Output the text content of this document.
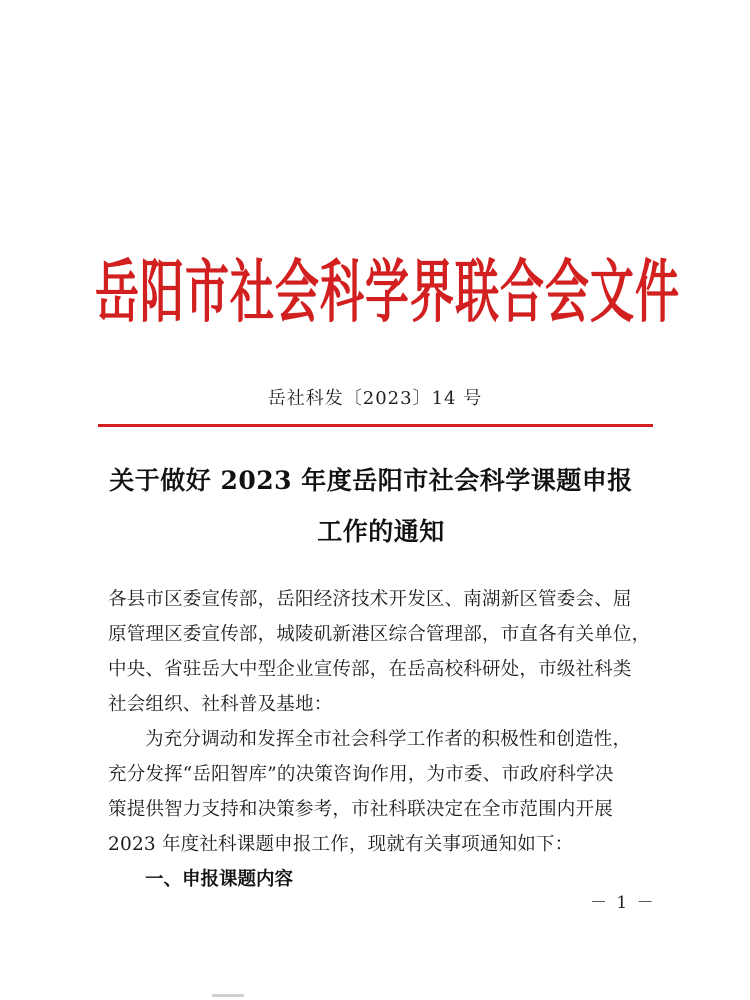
岳阳市社会科学界联合会文件
岳社科发〔2023〕14 号
关于做好 2023 年度岳阳市社会科学课题申报
工作的通知
各县市区委宣传部，岳阳经济技术开发区、南湖新区管委会、屈
原管理区委宣传部，城陵矶新港区综合管理部，市直各有关单位，
中央、省驻岳大中型企业宣传部，在岳高校科研处，市级社科类
社会组织、社科普及基地：
为充分调动和发挥全市社会科学工作者的积极性和创造性，
充分发挥“岳阳智库”的决策咨询作用，为市委、市政府科学决
策提供智力支持和决策参考，市社科联决定在全市范围内开展
2023 年度社科课题申报工作，现就有关事项通知如下：
一、申报课题内容
－ 1 －
